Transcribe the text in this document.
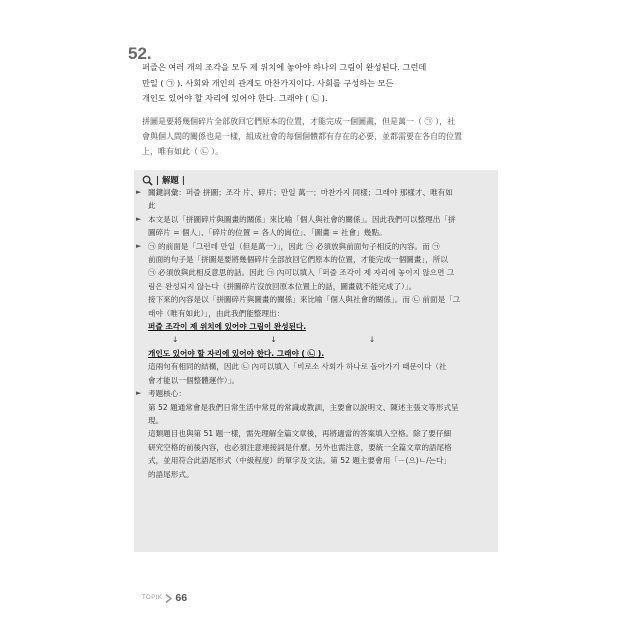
52.
퍼즐은 여러 개의 조각을 모두 제 위치에 놓아야 하나의 그림이 완성된다. 그런데
만일 ( ㉠ ). 사회와 개인의 관계도 마찬가지이다. 사회를 구성하는 모든
개인도 있어야 할 자리에 있어야 한다. 그래야 ( ㉡ ).
拼圖是要將幾個碎片全部放回它們原本的位置，才能完成一個圖畫，但是萬一（ ㉠ ），社
會與個人間的關係也是一樣，組成社會的每個個體都有存在的必要，並都需要在各自的位置
上，唯有如此（ ㉡ ）。
| 解題 |
► 關鍵詞彙：퍼즐 拼圖；조각 片、碎片；만일 萬一；마찬가지 同樣；그래야 那樣才、唯有如
此
► 本文是以「拼圖碎片與圖畫的關係」來比喻「個人與社會的關係」。因此我們可以整理出「拼
圖碎片 = 個人」、「碎片的位置 = 各人的崗位」、「圖畫 = 社會」幾點。
► ㉠ 的前面是「그런데 만일（但是萬一）」，因此 ㉠ 必須放與前面句子相反的內容。而 ㉠
前面的句子是「拼圖是要將幾個碎片全部放回它們原本的位置，才能完成一個圖畫」，所以
㉠ 必須放與此相反意思的話。因此 ㉠ 內可以填入「퍼즐 조각이 제 자리에 놓이지 않으면 그
림은 완성되지 않는다（拼圖碎片沒放回原本位置上的話，圖畫就不能完成了）」。
接下來的內容是以「拼圖碎片與圖畫的關係」來比喻「個人與社會的關係」。而 ㉡ 前面是「그
래야（唯有如此）」，由此我們能整理出：
퍼즐 조각이 제 위치에 있어야 그림이 완성된다.
↓	↓	↓
개인도 있어야 할 자리에 있어야 한다. 그래야 ( ㉡ ).
這兩句有相同的結構，因此 ㉡ 內可以填入「비로소 사회가 하나로 돌아가기 때문이다（社
會才能以一個整體運作）」。
► 考題核心：
第 52 題通常會是我們日常生活中常見的常識或教訓，主要會以說明文、陳述主張文等形式呈
現。
這類題目也與第 51 題一樣，需先理解全篇文章後，再將適當的答案填入空格。除了要仔細
研究空格的前後內容，也必須注意連接詞是什麼。另外也需注意，要統一全篇文章的語尾格
式，並用符合此語尾形式（中級程度）的單字及文法。第 52 題主要會用「－(으)ㄴ/는다」
的語尾形式。
TOPIK 66
